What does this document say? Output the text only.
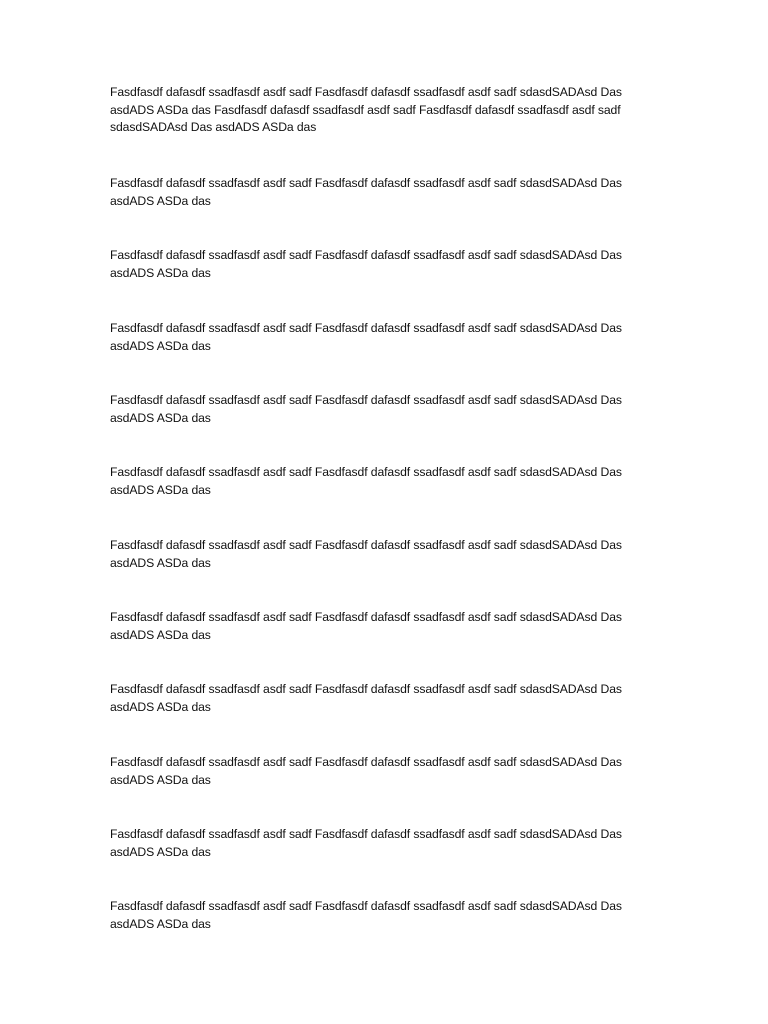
Fasdfasdf dafasdf ssadfasdf asdf sadf Fasdfasdf dafasdf ssadfasdf asdf sadf sdasdSADAsd Das asdADS ASDa das Fasdfasdf dafasdf ssadfasdf asdf sadf Fasdfasdf dafasdf ssadfasdf asdf sadf sdasdSADAsd Das asdADS ASDa das

Fasdfasdf dafasdf ssadfasdf asdf sadf Fasdfasdf dafasdf ssadfasdf asdf sadf sdasdSADAsd Das asdADS ASDa das

Fasdfasdf dafasdf ssadfasdf asdf sadf Fasdfasdf dafasdf ssadfasdf asdf sadf sdasdSADAsd Das asdADS ASDa das

Fasdfasdf dafasdf ssadfasdf asdf sadf Fasdfasdf dafasdf ssadfasdf asdf sadf sdasdSADAsd Das asdADS ASDa das

Fasdfasdf dafasdf ssadfasdf asdf sadf Fasdfasdf dafasdf ssadfasdf asdf sadf sdasdSADAsd Das asdADS ASDa das

Fasdfasdf dafasdf ssadfasdf asdf sadf Fasdfasdf dafasdf ssadfasdf asdf sadf sdasdSADAsd Das asdADS ASDa das

Fasdfasdf dafasdf ssadfasdf asdf sadf Fasdfasdf dafasdf ssadfasdf asdf sadf sdasdSADAsd Das asdADS ASDa das

Fasdfasdf dafasdf ssadfasdf asdf sadf Fasdfasdf dafasdf ssadfasdf asdf sadf sdasdSADAsd Das asdADS ASDa das

Fasdfasdf dafasdf ssadfasdf asdf sadf Fasdfasdf dafasdf ssadfasdf asdf sadf sdasdSADAsd Das asdADS ASDa das

Fasdfasdf dafasdf ssadfasdf asdf sadf Fasdfasdf dafasdf ssadfasdf asdf sadf sdasdSADAsd Das asdADS ASDa das

Fasdfasdf dafasdf ssadfasdf asdf sadf Fasdfasdf dafasdf ssadfasdf asdf sadf sdasdSADAsd Das asdADS ASDa das

Fasdfasdf dafasdf ssadfasdf asdf sadf Fasdfasdf dafasdf ssadfasdf asdf sadf sdasdSADAsd Das asdADS ASDa das
